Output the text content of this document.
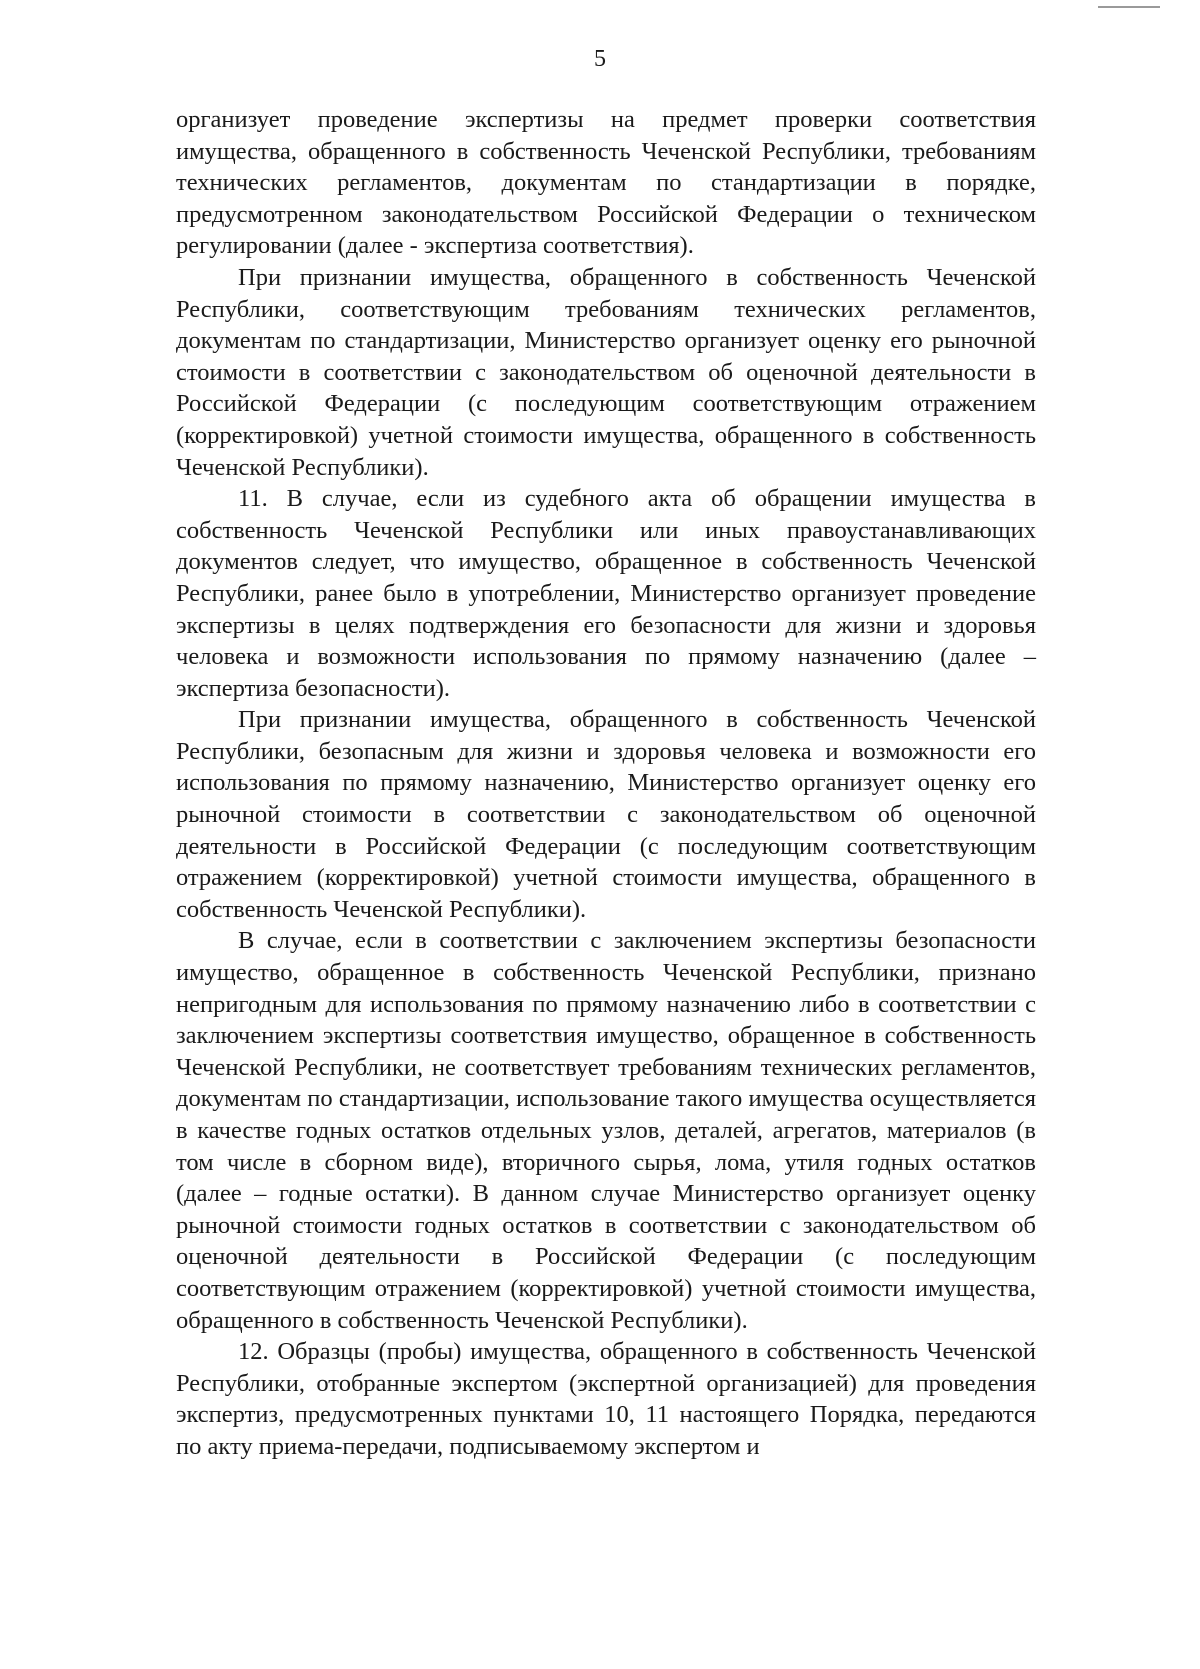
5

организует проведение экспертизы на предмет проверки соответствия имущества, обращенного в собственность Чеченской Республики, требованиям технических регламентов, документам по стандартизации в порядке, предусмотренном законодательством Российской Федерации о техническом регулировании (далее - экспертиза соответствия).

При признании имущества, обращенного в собственность Чеченской Республики, соответствующим требованиям технических регламентов, документам по стандартизации, Министерство организует оценку его рыночной стоимости в соответствии с законодательством об оценочной деятельности в Российской Федерации (с последующим соответствующим отражением (корректировкой) учетной стоимости имущества, обращенного в собственность Чеченской Республики).

11. В случае, если из судебного акта об обращении имущества в собственность Чеченской Республики или иных правоустанавливающих документов следует, что имущество, обращенное в собственность Чеченской Республики, ранее было в употреблении, Министерство организует проведение экспертизы в целях подтверждения его безопасности для жизни и здоровья человека и возможности использования по прямому назначению (далее – экспертиза безопасности).

При признании имущества, обращенного в собственность Чеченской Республики, безопасным для жизни и здоровья человека и возможности его использования по прямому назначению, Министерство организует оценку его рыночной стоимости в соответствии с законодательством об оценочной деятельности в Российской Федерации (с последующим соответствующим отражением (корректировкой) учетной стоимости имущества, обращенного в собственность Чеченской Республики).

В случае, если в соответствии с заключением экспертизы безопасности имущество, обращенное в собственность Чеченской Республики, признано непригодным для использования по прямому назначению либо в соответствии с заключением экспертизы соответствия имущество, обращенное в собственность Чеченской Республики, не соответствует требованиям технических регламентов, документам по стандартизации, использование такого имущества осуществляется в качестве годных остатков отдельных узлов, деталей, агрегатов, материалов (в том числе в сборном виде), вторичного сырья, лома, утиля годных остатков (далее – годные остатки). В данном случае Министерство организует оценку рыночной стоимости годных остатков в соответствии с законодательством об оценочной деятельности в Российской Федерации (с последующим соответствующим отражением (корректировкой) учетной стоимости имущества, обращенного в собственность Чеченской Республики).

12. Образцы (пробы) имущества, обращенного в собственность Чеченской Республики, отобранные экспертом (экспертной организацией) для проведения экспертиз, предусмотренных пунктами 10, 11 настоящего Порядка, передаются по акту приема-передачи, подписываемому экспертом и
